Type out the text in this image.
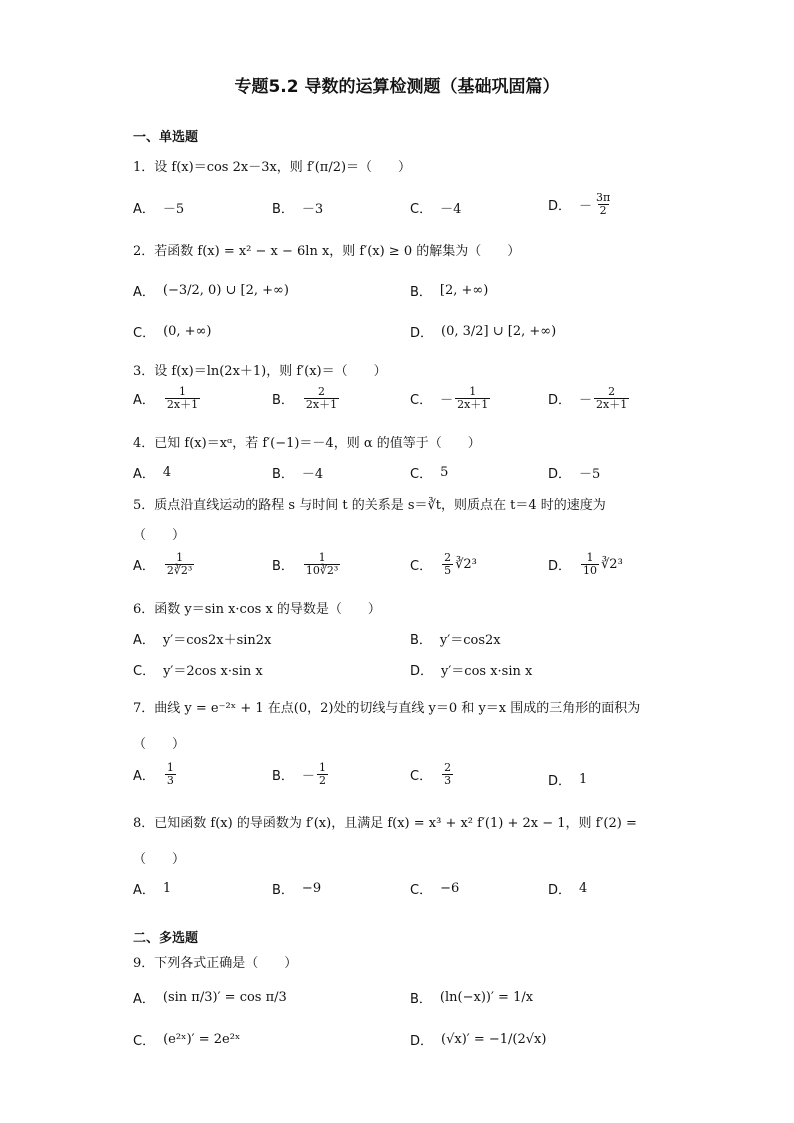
专题5.2 导数的运算检测题（基础巩固篇）
一、单选题
1．设 f(x)＝cos 2x－3x，则 f′(π/2)＝（　　）
A． －5	B． －3	C． －4	D． － $\frac{3\pi}{2}$
2．若函数 f(x) = x² − x − 6ln x，则 f′(x) ≥ 0 的解集为（　　）
A． (−3/2, 0) ∪ [2, +∞)	B． [2, +∞)
C． (0, +∞)	D． (0, 3/2] ∪ [2, +∞)
3．设 f(x)＝ln(2x＋1)，则 f′(x)＝（　　）
A． $\frac{1}{2x+1}$	B． $\frac{2}{2x+1}$	C． － $\frac{1}{2x+1}$	D． － $\frac{2}{2x+1}$
4．已知 f(x)＝xᵅ，若 f′(−1)＝－4，则 α 的值等于（　　）
A． 4	B． －4	C． 5	D． －5
5．质点沿直线运动的路程 s 与时间 t 的关系是 s＝∛t，则质点在 t＝4 时的速度为
（　　）
A． $\frac{1}{\text{2∛2³}}$	B． $\frac{1}{\text{10∛2³}}$	C． $\frac{2}{5}$ ∛2³	D． $\frac{1}{10}$ ∛2³
6．函数 y＝sin x·cos x 的导数是（　　）
A． y′＝cos2x＋sin2x	B． y′＝cos2x
C． y′＝2cos x·sin x	D． y′＝cos x·sin x
7．曲线 y = e⁻²ˣ + 1 在点(0，2)处的切线与直线 y＝0 和 y＝x 围成的三角形的面积为
（　　）
A． $\frac{1}{3}$	B． － $\frac{1}{2}$	C． $\frac{2}{3}$	D． 1
8．已知函数 f(x) 的导函数为 f′(x)，且满足 f(x) = x³ + x² f′(1) + 2x − 1，则 f′(2) =
（　　）
A． 1	B． −9	C． −6	D． 4
二、多选题
9．下列各式正确是（　　）
A． (sin π/3)′ = cos π/3	B． (ln(−x))′ = 1/x
C． (e²ˣ)′ = 2e²ˣ	D． (√x)′ = −1/(2√x)
